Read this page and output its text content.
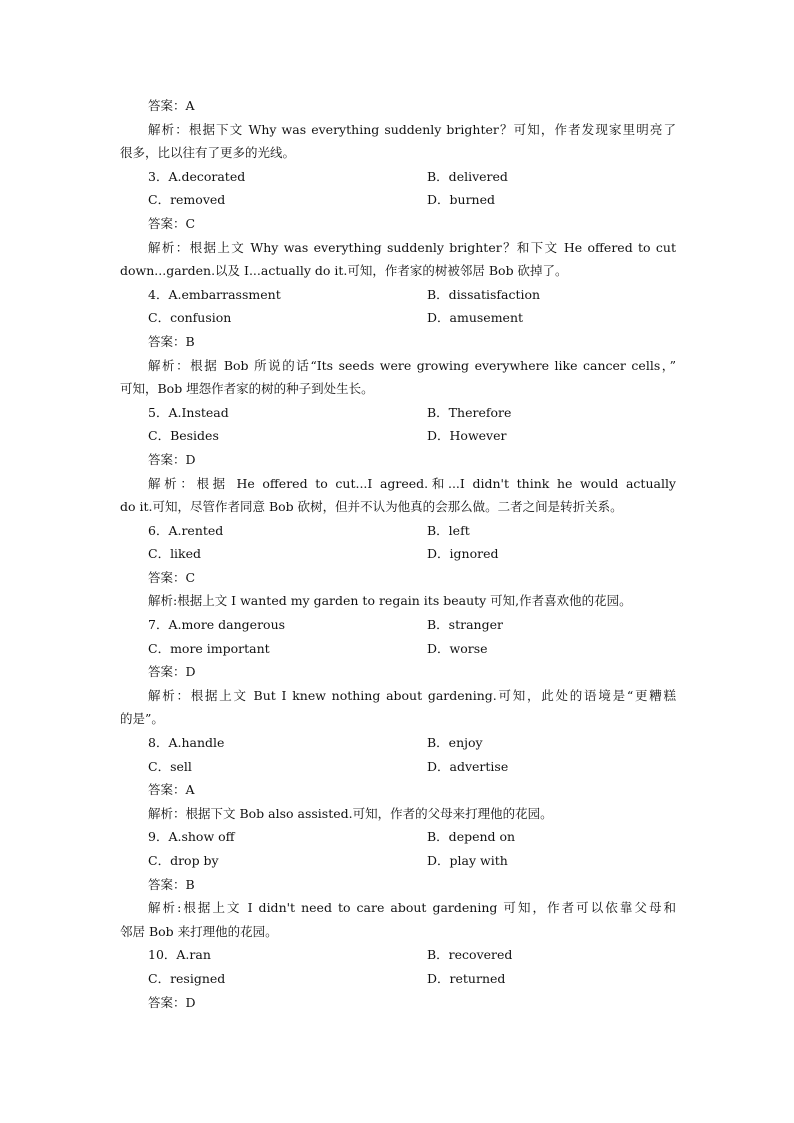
答案：A
解析：根据下文 Why was everything suddenly brighter？可知，作者发现家里明亮了
很多，比以往有了更多的光线。
3．A.decorated	B．delivered
C．removed	D．burned
答案：C
解析：根据上文 Why was everything suddenly brighter？和下文 He offered to cut
down...garden.以及 I...actually do it.可知，作者家的树被邻居 Bob 砍掉了。
4．A.embarrassment	B．dissatisfaction
C．confusion	D．amusement
答案：B
解析：根据 Bob 所说的话“Its seeds were growing everywhere like cancer cells，”
可知，Bob 埋怨作者家的树的种子到处生长。
5．A.Instead	B．Therefore
C．Besides	D．However
答案：D
解析：根据 He offered to cut...I agreed.和...I didn't think he would actually
do it.可知，尽管作者同意 Bob 砍树，但并不认为他真的会那么做。二者之间是转折关系。
6．A.rented	B．left
C．liked	D．ignored
答案：C
解析:根据上文 I wanted my garden to regain its beauty 可知,作者喜欢他的花园。
7．A.more dangerous	B．stranger
C．more important	D．worse
答案：D
解析：根据上文 But I knew nothing about gardening.可知，此处的语境是“更糟糕
的是”。
8．A.handle	B．enjoy
C．sell	D．advertise
答案：A
解析：根据下文 Bob also assisted.可知，作者的父母来打理他的花园。
9．A.show off	B．depend on
C．drop by	D．play with
答案：B
解析:根据上文 I didn't need to care about gardening 可知，作者可以依靠父母和
邻居 Bob 来打理他的花园。
10．A.ran	B．recovered
C．resigned	D．returned
答案：D
